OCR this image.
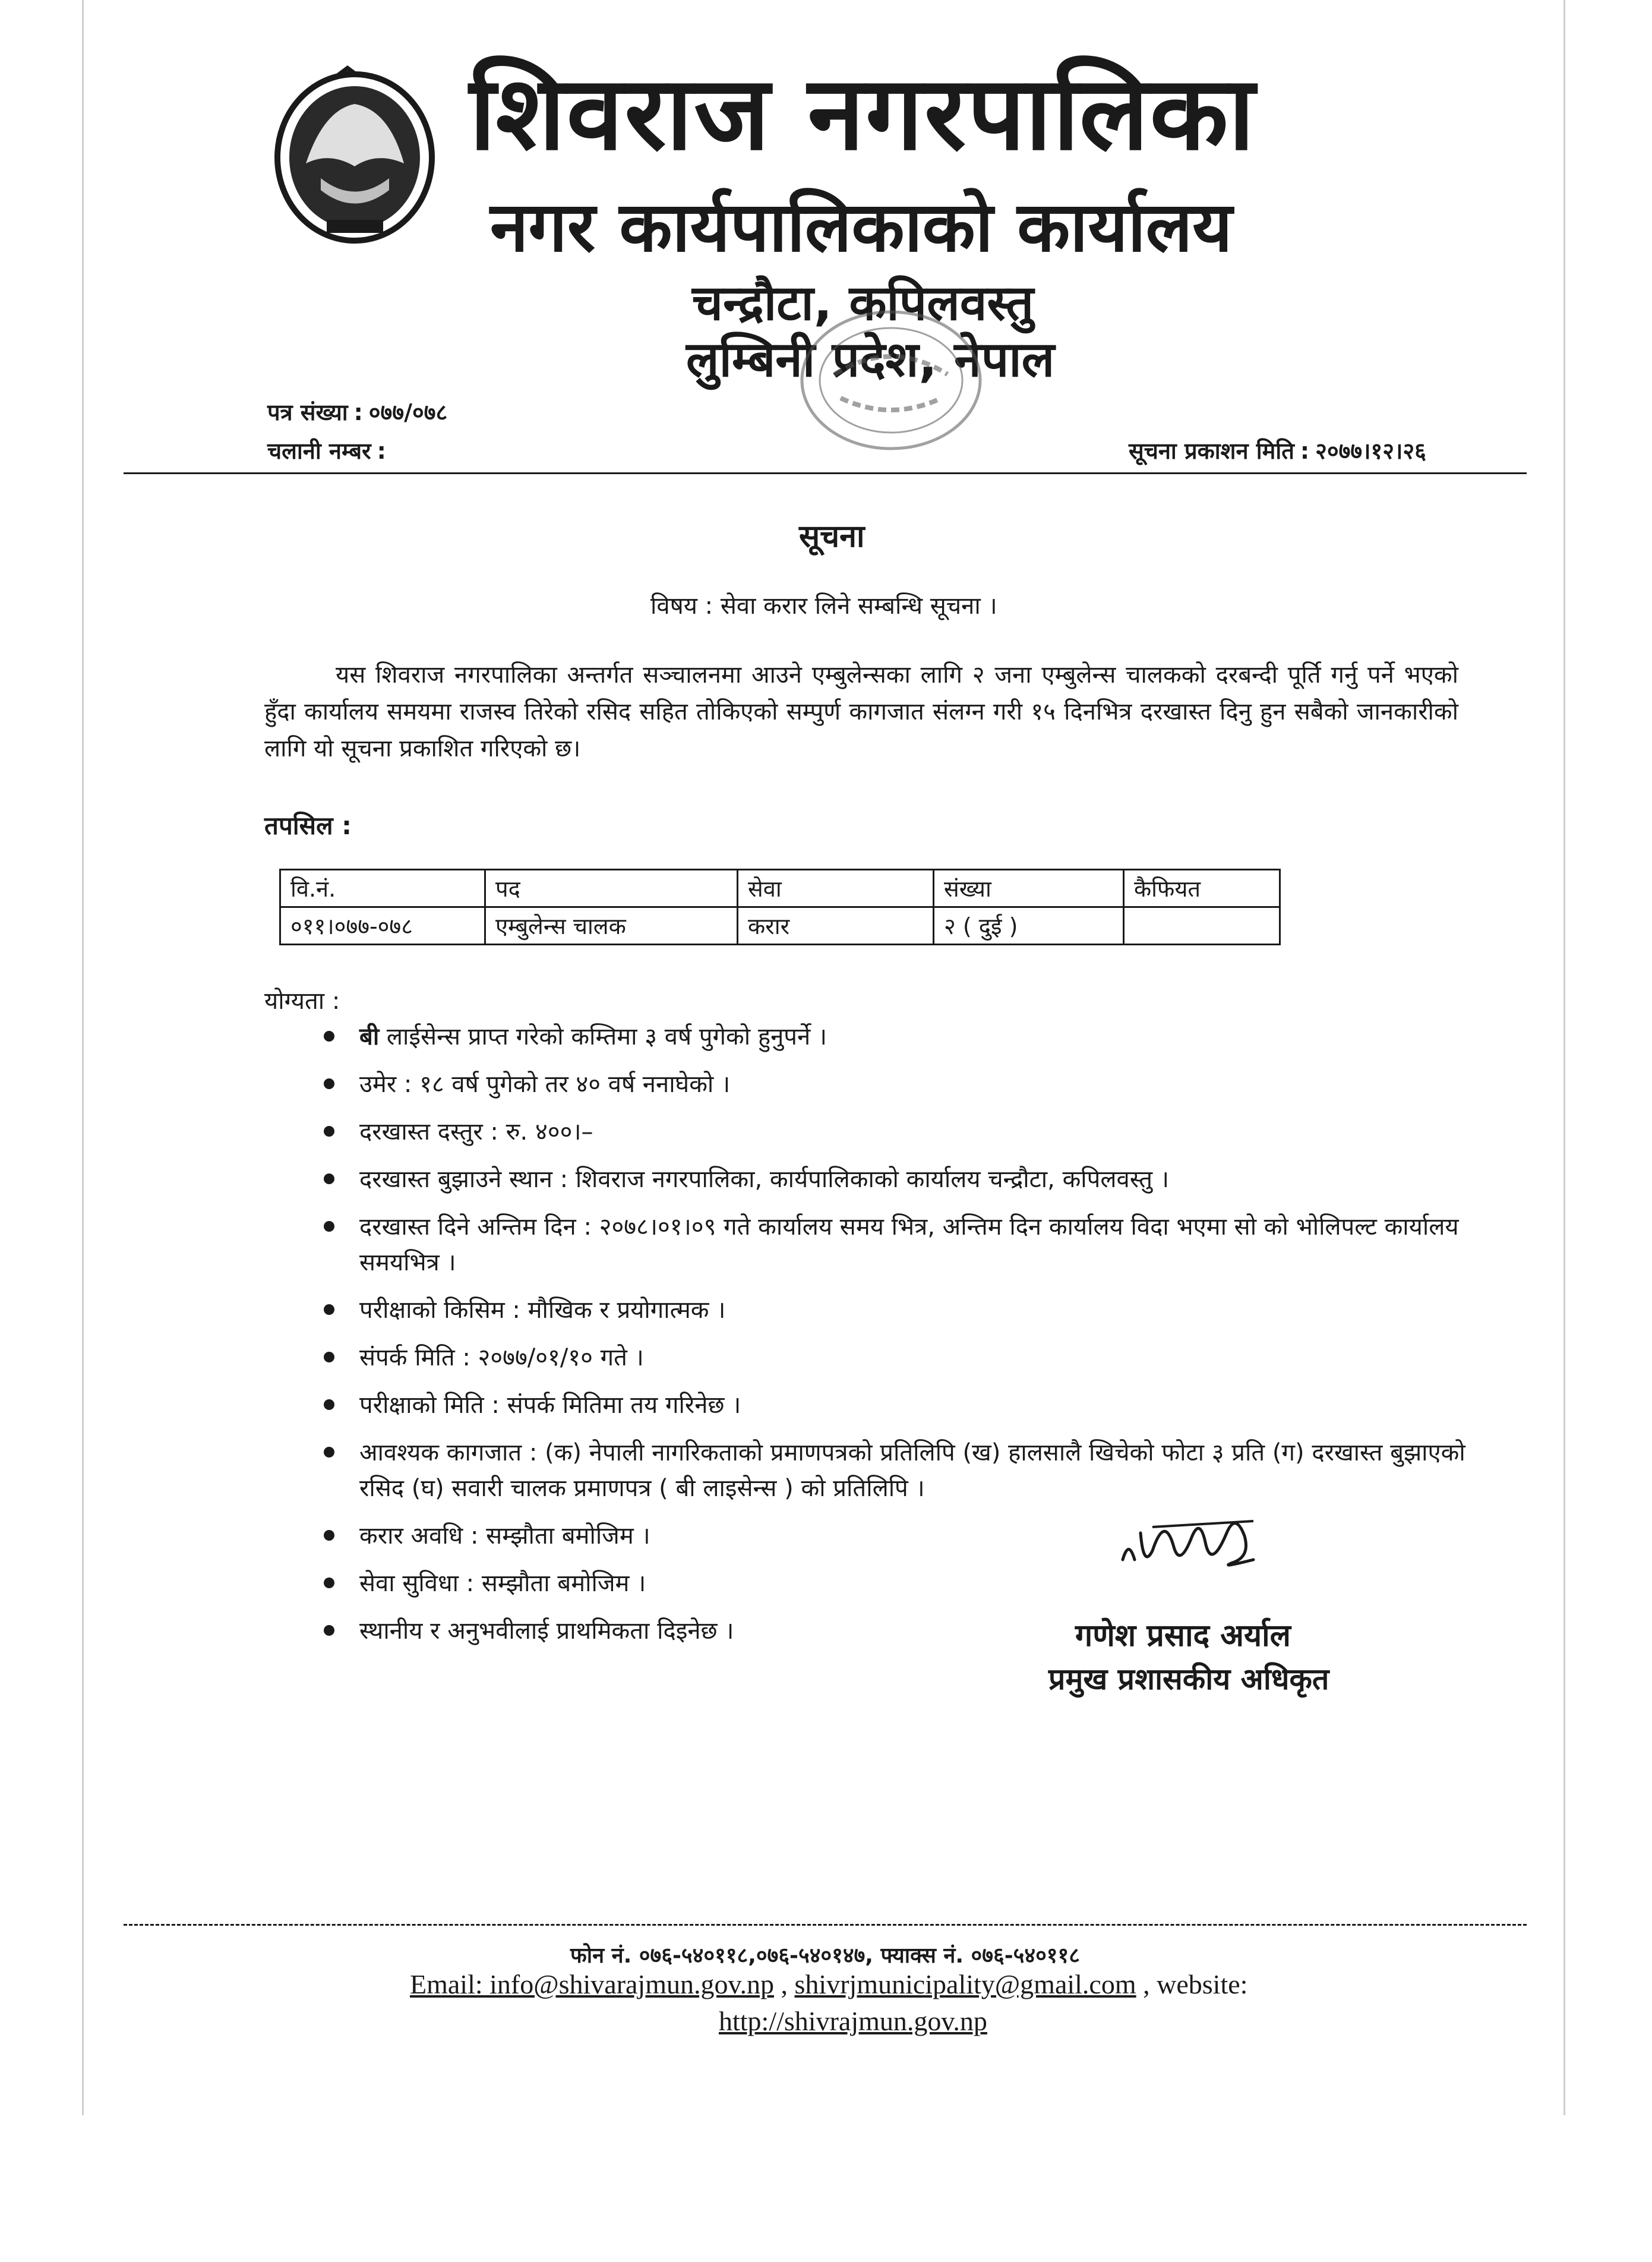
शिवराज नगरपालिका
नगर कार्यपालिकाको कार्यालय
चन्द्रौटा, कपिलवस्तु
लुम्बिनी प्रदेश, नेपाल
पत्र संख्या : ०७७/०७८
चलानी नम्बर :	सूचना प्रकाशन मिति : २०७७।१२।२६
सूचना
विषय : सेवा करार लिने सम्बन्धि सूचना ।

यस शिवराज नगरपालिका अन्तर्गत सञ्चालनमा आउने एम्बुलेन्सका लागि २ जना एम्बुलेन्स चालकको दरबन्दी पूर्ति गर्नु पर्ने भएको हुँदा कार्यालय समयमा राजस्व तिरेको रसिद सहित तोकिएको सम्पुर्ण कागजात संलग्न गरी १५ दिनभित्र दरखास्त दिनु हुन सबैको जानकारीको लागि यो सूचना प्रकाशित गरिएको छ।

तपसिल :
वि.नं.	पद	सेवा	संख्या	कैफियत
०११।०७७-०७८	एम्बुलेन्स चालक	करार	२ ( दुई )	
योग्यता :
बी लाईसेन्स प्राप्त गरेको कम्तिमा ३ वर्ष पुगेको हुनुपर्ने ।
उमेर : १८ वर्ष पुगेको तर ४० वर्ष ननाघेको ।
दरखास्त दस्तुर : रु. ४००।–
दरखास्त बुझाउने स्थान : शिवराज नगरपालिका, कार्यपालिकाको कार्यालय चन्द्रौटा, कपिलवस्तु ।
दरखास्त दिने अन्तिम दिन : २०७८।०१।०९ गते कार्यालय समय भित्र, अन्तिम दिन कार्यालय विदा भएमा सो को भोलिपल्ट कार्यालय समयभित्र ।
परीक्षाको किसिम : मौखिक र प्रयोगात्मक ।
संपर्क मिति : २०७७/०१/१० गते ।
परीक्षाको मिति : संपर्क मितिमा तय गरिनेछ ।
आवश्यक कागजात : (क) नेपाली नागरिकताको प्रमाणपत्रको प्रतिलिपि (ख) हालसालै खिचेको फोटा ३ प्रति (ग) दरखास्त बुझाएको रसिद (घ) सवारी चालक प्रमाणपत्र ( बी लाइसेन्स ) को प्रतिलिपि ।
करार अवधि : सम्झौता बमोजिम ।
सेवा सुविधा : सम्झौता बमोजिम ।
स्थानीय र अनुभवीलाई प्राथमिकता दिइनेछ ।	गणेश प्रसाद अर्याल
प्रमुख प्रशासकीय अधिकृत
फोन नं. ०७६-५४०११८,०७६-५४०१४७, फ्याक्स नं. ०७६-५४०११८
Email: info@shivarajmun.gov.np , shivrjmunicipality@gmail.com , website:
http://shivrajmun.gov.np
